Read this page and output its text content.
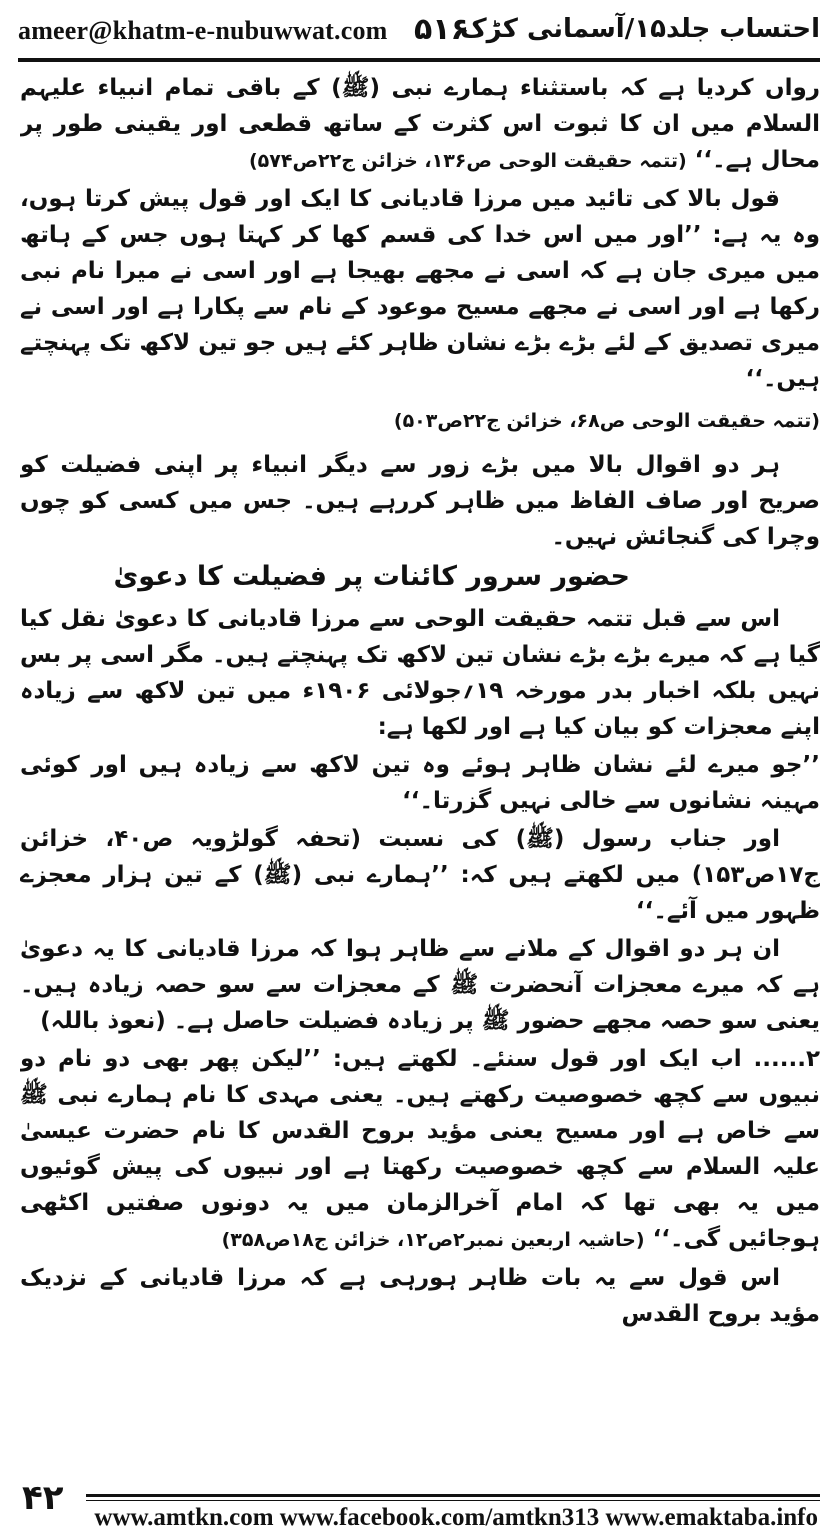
ameer@khatm-e-nubuwwat.com ۵۱۶
احتساب جلد۱۵/آسمانی کڑک

رواں کردیا ہے کہ باستثناء ہمارے نبی (ﷺ) کے باقی تمام انبیاء علیہم السلام میں ان کا ثبوت اس کثرت کے ساتھ قطعی اور یقینی طور پر محال ہے۔‘‘ (تتمہ حقیقت الوحی ص۱۳۶، خزائن ج۲۲ص۵۷۴)

قول بالا کی تائید میں مرزا قادیانی کا ایک اور قول پیش کرتا ہوں، وہ یہ ہے: ’’اور میں اس خدا کی قسم کھا کر کہتا ہوں جس کے ہاتھ میں میری جان ہے کہ اسی نے مجھے بھیجا ہے اور اسی نے میرا نام نبی رکھا ہے اور اسی نے مجھے مسیح موعود کے نام سے پکارا ہے اور اسی نے میری تصدیق کے لئے بڑے بڑے نشان ظاہر کئے ہیں جو تین لاکھ تک پہنچتے ہیں۔‘‘

(تتمہ حقیقت الوحی ص۶۸، خزائن ج۲۲ص۵۰۳)

ہر دو اقوال بالا میں بڑے زور سے دیگر انبیاء پر اپنی فضیلت کو صریح اور صاف الفاظ میں ظاہر کررہے ہیں۔ جس میں کسی کو چوں وچرا کی گنجائش نہیں۔

حضور سرور کائنات پر فضیلت کا دعویٰ

اس سے قبل تتمہ حقیقت الوحی سے مرزا قادیانی کا دعویٰ نقل کیا گیا ہے کہ میرے بڑے بڑے نشان تین لاکھ تک پہنچتے ہیں۔ مگر اسی پر بس نہیں بلکہ اخبار بدر مورخہ ۱۹؍جولائی ۱۹۰۶ء میں تین لاکھ سے زیادہ اپنے معجزات کو بیان کیا ہے اور لکھا ہے:

’’جو میرے لئے نشان ظاہر ہوئے وہ تین لاکھ سے زیادہ ہیں اور کوئی مہینہ نشانوں سے خالی نہیں گزرتا۔‘‘

اور جناب رسول (ﷺ) کی نسبت (تحفہ گولڑویہ ص۴۰، خزائن ج۱۷ص۱۵۳) میں لکھتے ہیں کہ: ’’ہمارے نبی (ﷺ) کے تین ہزار معجزے ظہور میں آئے۔‘‘

ان ہر دو اقوال کے ملانے سے ظاہر ہوا کہ مرزا قادیانی کا یہ دعویٰ ہے کہ میرے معجزات آنحضرت ﷺ کے معجزات سے سو حصہ زیادہ ہیں۔ یعنی سو حصہ مجھے حضور ﷺ پر زیادہ فضیلت حاصل ہے۔ (نعوذ باللہ)

۲...... اب ایک اور قول سنئے۔ لکھتے ہیں: ’’لیکن پھر بھی دو نام دو نبیوں سے کچھ خصوصیت رکھتے ہیں۔ یعنی مہدی کا نام ہمارے نبی ﷺ سے خاص ہے اور مسیح یعنی مؤید بروح القدس کا نام حضرت عیسیٰ علیہ السلام سے کچھ خصوصیت رکھتا ہے اور نبیوں کی پیش گوئیوں میں یہ بھی تھا کہ امام آخرالزمان میں یہ دونوں صفتیں اکٹھی ہوجائیں گی۔‘‘ (حاشیہ اربعین نمبر۲ص۱۲، خزائن ج۱۸ص۳۵۸)

اس قول سے یہ بات ظاہر ہورہی ہے کہ مرزا قادیانی کے نزدیک مؤید بروح القدس

۴۲ www.amtkn.com www.facebook.com/amtkn313 www.emaktaba.info
